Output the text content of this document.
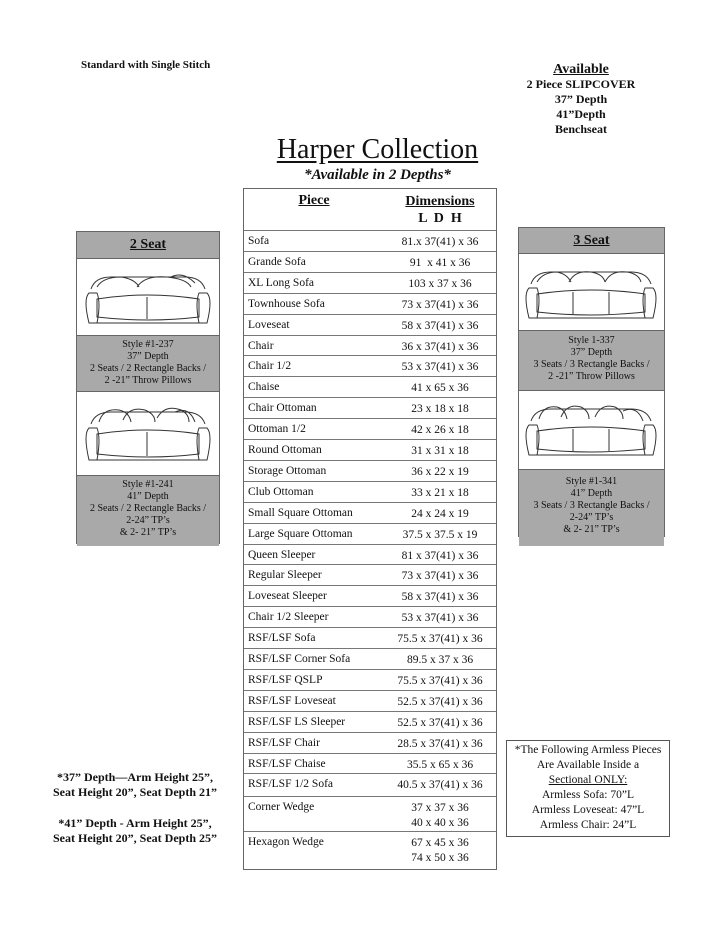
Standard with Single Stitch	Available
2 Piece SLIPCOVER
37” Depth
41”Depth
Benchseat
Harper Collection
*Available in 2 Depths*
Piece	Dimensions
L  D  H
Sofa	81.x 37(41) x 36
Grande Sofa	91  x 41 x 36
XL Long Sofa	103 x 37 x 36
Townhouse Sofa	73 x 37(41) x 36
Loveseat	58 x 37(41) x 36
Chair	36 x 37(41) x 36
Chair 1/2	53 x 37(41) x 36
Chaise	41 x 65 x 36
Chair Ottoman	23 x 18 x 18
Ottoman 1/2	42 x 26 x 18
Round Ottoman	31 x 31 x 18
Storage Ottoman	36 x 22 x 19
Club Ottoman	33 x 21 x 18
Small Square Ottoman	24 x 24 x 19
Large Square Ottoman	37.5 x 37.5 x 19
Queen Sleeper	81 x 37(41) x 36
Regular Sleeper	73 x 37(41) x 36
Loveseat Sleeper	58 x 37(41) x 36
Chair 1/2 Sleeper	53 x 37(41) x 36
RSF/LSF Sofa	75.5 x 37(41) x 36
RSF/LSF Corner Sofa	89.5 x 37 x 36
RSF/LSF QSLP	75.5 x 37(41) x 36
RSF/LSF Loveseat	52.5 x 37(41) x 36
RSF/LSF LS Sleeper	52.5 x 37(41) x 36
RSF/LSF Chair	28.5 x 37(41) x 36
RSF/LSF Chaise	35.5 x 65 x 36
RSF/LSF 1/2 Sofa	40.5 x 37(41) x 36
Corner Wedge	37 x 37 x 36
40 x 40 x 36
Hexagon Wedge	67 x 45 x 36
74 x 50 x 36
2 Seat
Style #1-237
37” Depth
2 Seats / 2 Rectangle Backs /
2 -21” Throw Pillows
Style #1-241
41” Depth
2 Seats / 2 Rectangle Backs /
2-24” TP’s
& 2- 21” TP’s
3 Seat
Style 1-337
37” Depth
3 Seats / 3 Rectangle Backs /
2 -21” Throw Pillows
Style #1-341
41” Depth
3 Seats / 3 Rectangle Backs /
2-24” TP’s
& 2- 21” TP’s
*37” Depth—Arm Height 25”,
Seat Height 20”, Seat Depth 21”
*41” Depth - Arm Height 25”,
Seat Height 20”, Seat Depth 25”
*The Following Armless Pieces
Are Available Inside a
Sectional ONLY:
Armless Sofa: 70”L
Armless Loveseat: 47”L
Armless Chair: 24”L
